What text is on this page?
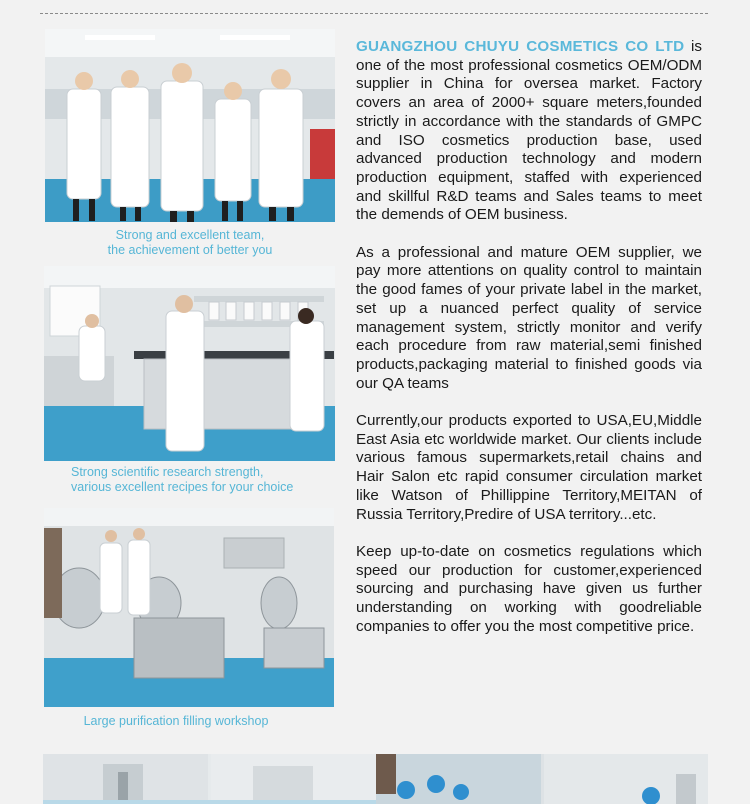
Strong and excellent team,
the achievement of better you
Strong scientific research strength,
various excellent recipes for your choice
Large purification filling workshop

GUANGZHOU CHUYU COSMETICS CO LTD is one of the most professional cosmetics OEM/ODM supplier in China for oversea market. Factory covers an area of 2000+ square meters,founded strictly in accordance with the standards of GMPC and ISO cosmetics production base, used advanced production technology and modern production equipment, staffed with experienced and skillful R&D teams and Sales teams to meet the demends of OEM business.

As a professional and mature OEM supplier, we pay more attentions on quality control to maintain the good fames of your private label in the market, set up a nuanced perfect quality of service management system, strictly monitor and verify each procedure from raw material,semi finished products,packaging material to finished goods via our QA teams

Currently,our products exported to USA,EU,Middle East Asia etc worldwide market. Our clients include various famous supermarkets,retail chains and Hair Salon etc rapid consumer circulation market like Watson of Phillippine Territory,MEITAN of Russia Territory,Predire of USA territory...etc.

Keep up-to-date on cosmetics regulations which speed our production for customer,experienced sourcing and purchasing have given us further understanding on working with goodreliable companies to offer you the most competitive price.
